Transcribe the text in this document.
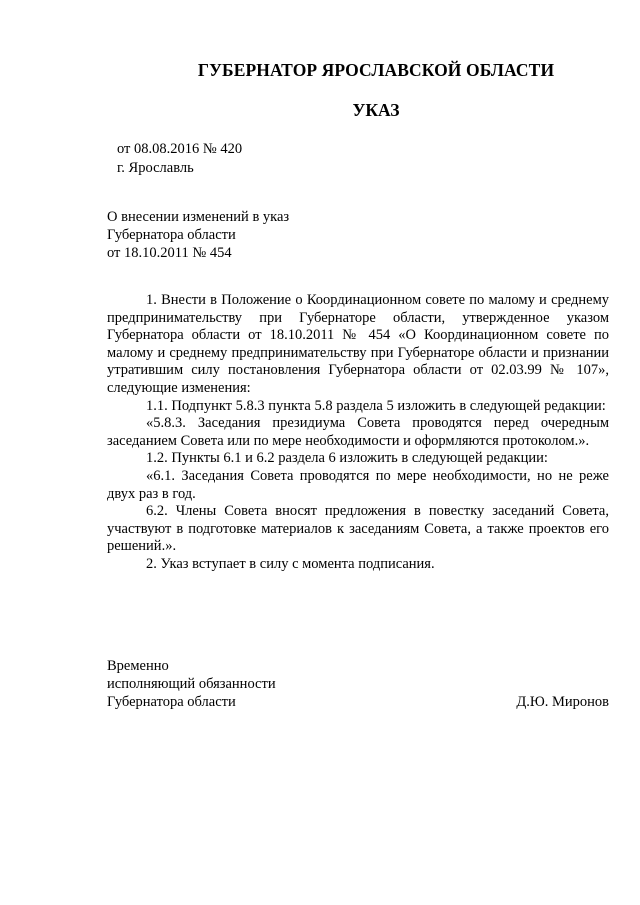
ГУБЕРНАТОР ЯРОСЛАВСКОЙ ОБЛАСТИ
УКАЗ
от 08.08.2016 № 420
г. Ярославль
О внесении изменений в указ
Губернатора области
от 18.10.2011 № 454

1. Внести в Положение о Координационном совете по малому и среднему предпринимательству при Губернаторе области, утвержденное указом Губернатора области от 18.10.2011 № 454 «О Координационном совете по малому и среднему предпринимательству при Губернаторе области и признании утратившим силу постановления Губернатора области от 02.03.99 № 107», следующие изменения:

1.1. Подпункт 5.8.3 пункта 5.8 раздела 5 изложить в следующей редакции:

«5.8.3. Заседания президиума Совета проводятся перед очередным заседанием Совета или по мере необходимости и оформляются протоколом.».

1.2. Пункты 6.1 и 6.2 раздела 6 изложить в следующей редакции:

«6.1. Заседания Совета проводятся по мере необходимости, но не реже двух раз в год.

6.2. Члены Совета вносят предложения в повестку заседаний Совета, участвуют в подготовке материалов к заседаниям Совета, а также проектов его решений.».

2. Указ вступает в силу с момента подписания.

Временно
исполняющий обязанности
Губернатора области	Д.Ю. Миронов
